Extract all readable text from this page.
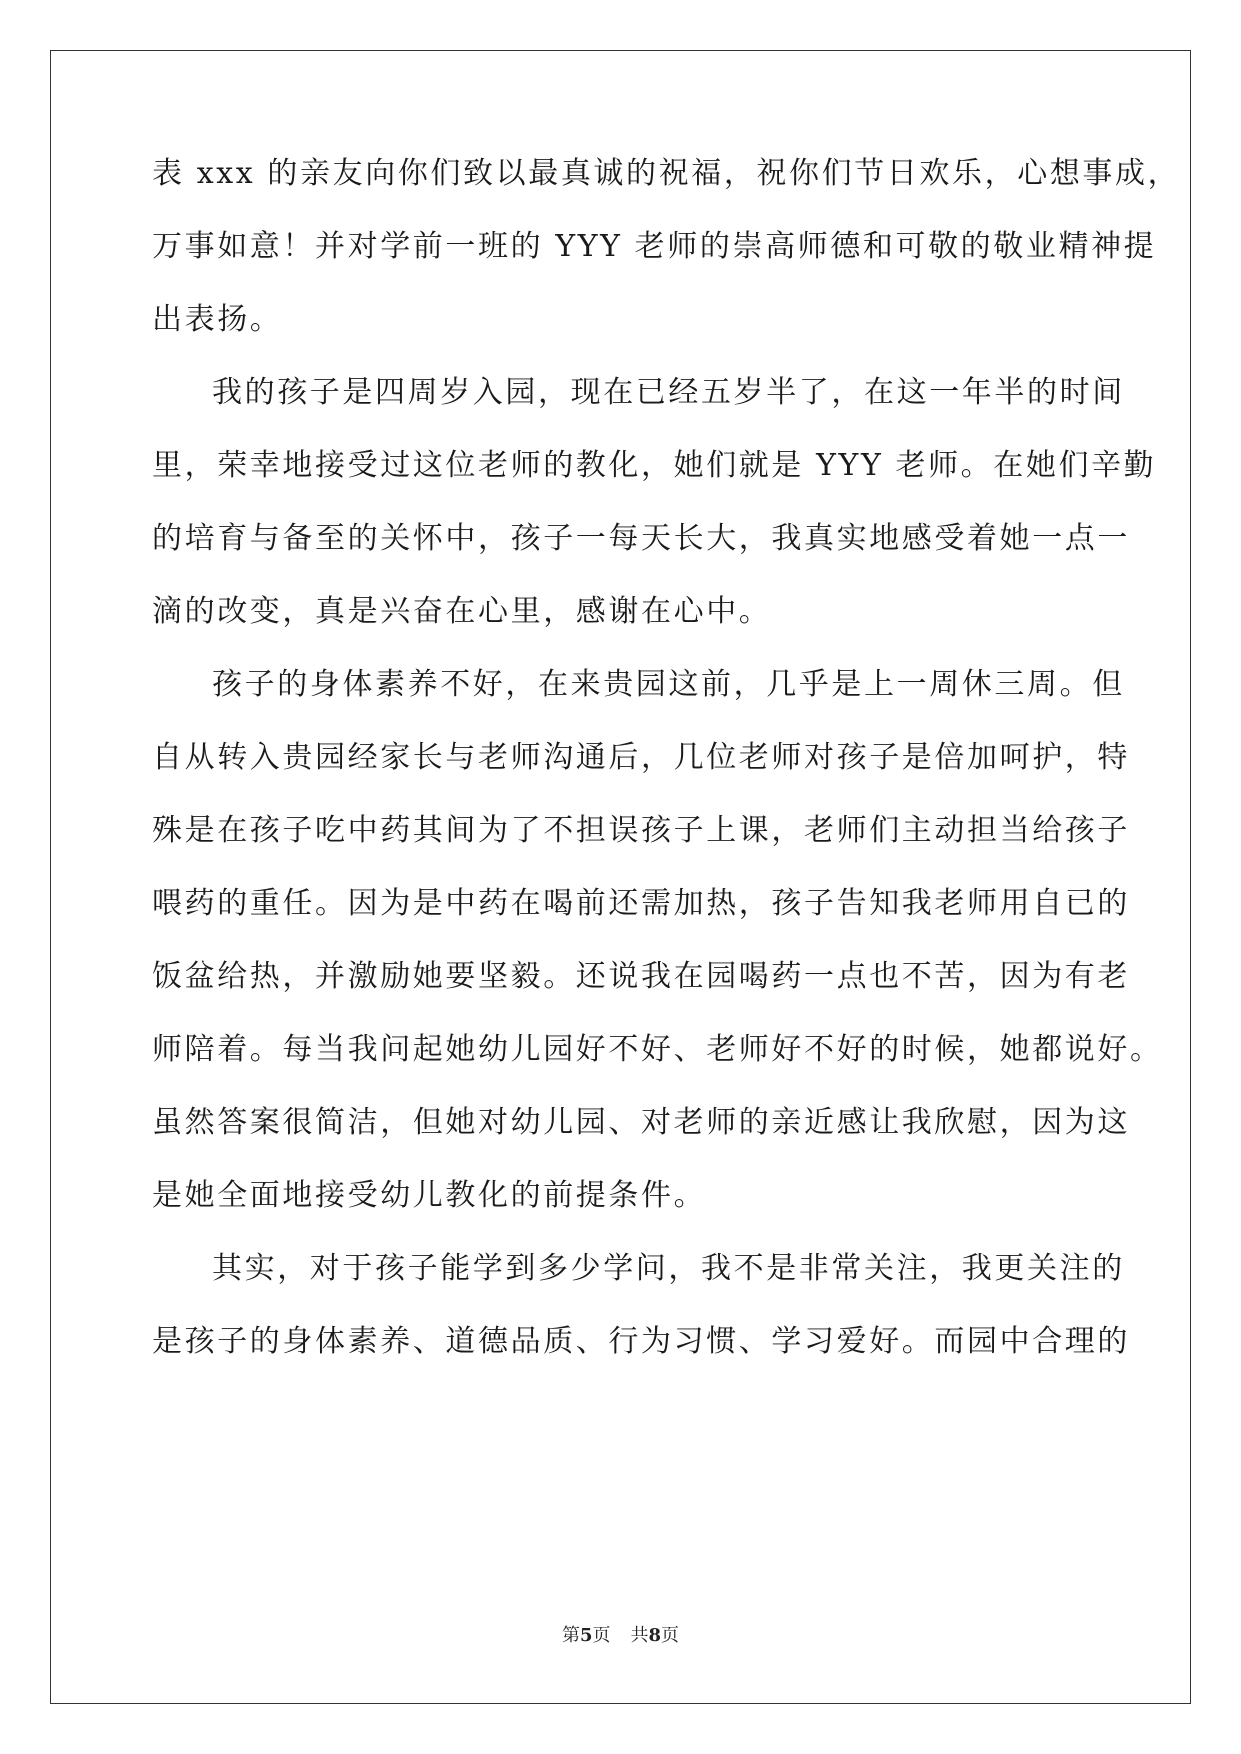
表 xxx 的亲友向你们致以最真诚的祝福，祝你们节日欢乐，心想事成，
万事如意！并对学前一班的 YYY 老师的崇高师德和可敬的敬业精神提
出表扬。
我的孩子是四周岁入园，现在已经五岁半了，在这一年半的时间
里，荣幸地接受过这位老师的教化，她们就是 YYY 老师。在她们辛勤
的培育与备至的关怀中，孩子一每天长大，我真实地感受着她一点一
滴的改变，真是兴奋在心里，感谢在心中。
孩子的身体素养不好，在来贵园这前，几乎是上一周休三周。但
自从转入贵园经家长与老师沟通后，几位老师对孩子是倍加呵护，特
殊是在孩子吃中药其间为了不担误孩子上课，老师们主动担当给孩子
喂药的重任。因为是中药在喝前还需加热，孩子告知我老师用自已的
饭盆给热，并激励她要坚毅。还说我在园喝药一点也不苦，因为有老
师陪着。每当我问起她幼儿园好不好、老师好不好的时候，她都说好。
虽然答案很简洁，但她对幼儿园、对老师的亲近感让我欣慰，因为这
是她全面地接受幼儿教化的前提条件。
其实，对于孩子能学到多少学问，我不是非常关注，我更关注的
是孩子的身体素养、道德品质、行为习惯、学习爱好。而园中合理的
第5页 共8页
